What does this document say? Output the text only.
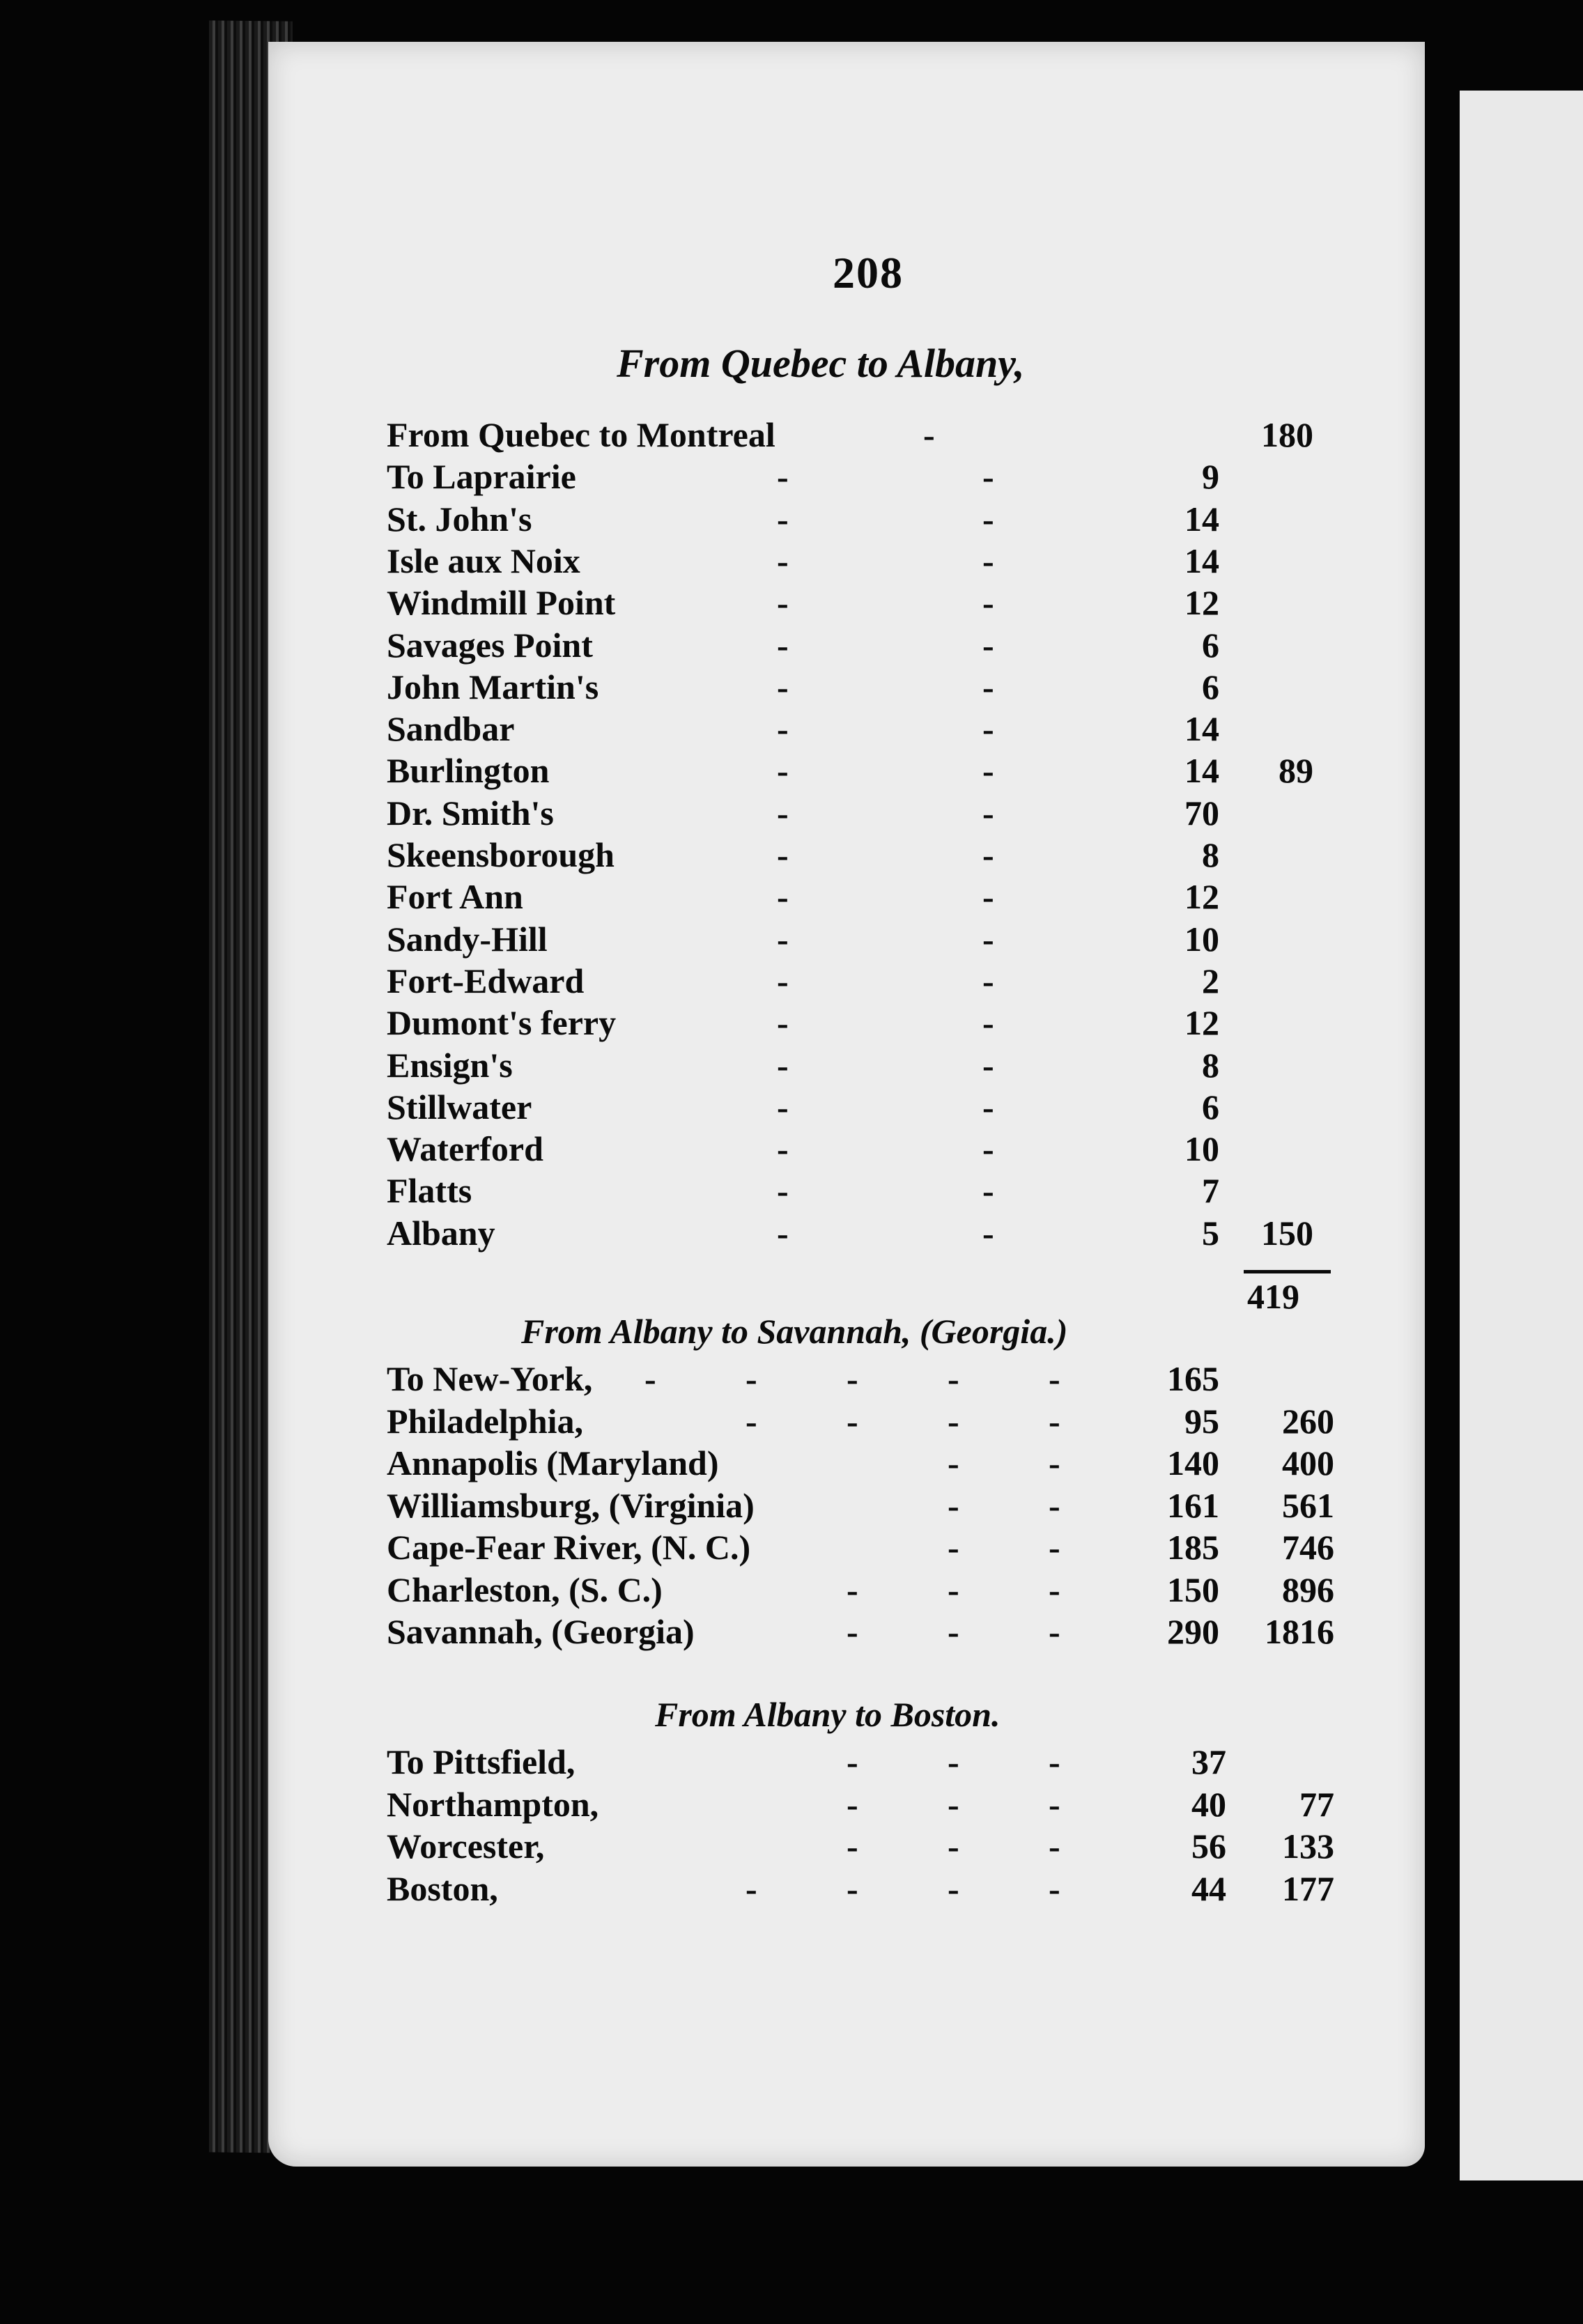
208
From Quebec to Albany,
From Albany to Savannah, (Georgia.)
From Albany to Boston.
419
From Quebec to Montreal	-	180
To Laprairie	-	-	9
St. John's	-	-	14
Isle aux Noix	-	-	14
Windmill Point	-	-	12
Savages Point	-	-	6
John Martin's	-	-	6
Sandbar	-	-	14
Burlington	-	-	14	89
Dr. Smith's	-	-	70
Skeensborough	-	-	8
Fort Ann	-	-	12
Sandy-Hill	-	-	10
Fort-Edward	-	-	2
Dumont's ferry	-	-	12
Ensign's	-	-	8
Stillwater	-	-	6
Waterford	-	-	10
Flatts	-	-	7
Albany	-	-	5	150
To New-York, -	-	-	-	-	165
Philadelphia,	-	-	-	-	95	260
Annapolis (Maryland)	-	-	140	400
Williamsburg, (Virginia)	-	-	161	561
Cape-Fear River, (N. C.)	-	-	185	746
Charleston, (S. C.)	-	-	-	150	896
Savannah, (Georgia)	-	-	-	290	1816
To Pittsfield,	-	-	-	37
Northampton,	-	-	-	40	77
Worcester,	-	-	-	56	133
Boston,	-	-	-	-	44	177
